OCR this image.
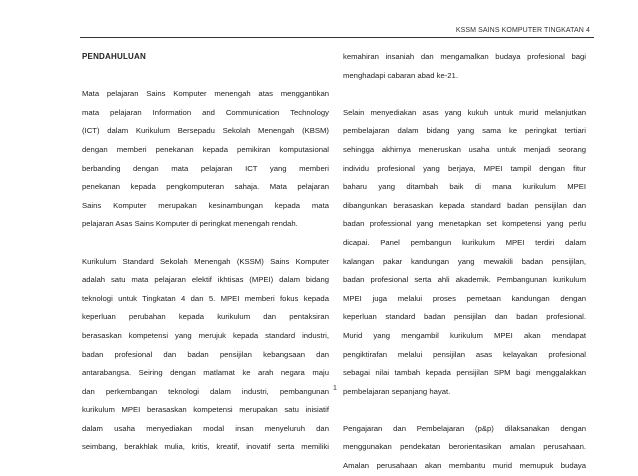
KSSM SAINS KOMPUTER TINGKATAN 4
PENDAHULUAN

Mata pelajaran Sains Komputer menengah atas menggantikan
mata pelajaran Information and Communication Technology
(ICT) dalam Kurikulum Bersepadu Sekolah Menengah (KBSM)
dengan memberi penekanan kepada pemikiran komputasional
berbanding dengan mata pelajaran ICT yang memberi
penekanan kepada pengkomputeran sahaja. Mata pelajaran
Sains Komputer merupakan kesinambungan kepada mata
pelajaran Asas Sains Komputer di peringkat menengah rendah.

Kurikulum Standard Sekolah Menengah (KSSM) Sains Komputer
adalah satu mata pelajaran elektif ikhtisas (MPEI) dalam bidang
teknologi untuk Tingkatan 4 dan 5. MPEI memberi fokus kepada
keperluan perubahan kepada kurikulum dan pentaksiran
berasaskan kompetensi yang merujuk kepada standard industri,
badan profesional dan badan pensijilan kebangsaan dan
antarabangsa. Seiring dengan matlamat ke arah negara maju
dan perkembangan teknologi dalam industri, pembangunan
kurikulum MPEI berasaskan kompetensi merupakan satu inisiatif
dalam usaha menyediakan modal insan menyeluruh dan
seimbang, berakhlak mulia, kritis, kreatif, inovatif serta memiliki

kemahiran insaniah dan mengamalkan budaya profesional bagi
menghadapi cabaran abad ke-21.

Selain menyediakan asas yang kukuh untuk murid melanjutkan
pembelajaran dalam bidang yang sama ke peringkat tertiari
sehingga akhirnya meneruskan usaha untuk menjadi seorang
individu profesional yang berjaya, MPEI tampil dengan fitur
baharu yang ditambah baik di mana kurikulum MPEI
dibangunkan berasaskan kepada standard badan pensijilan dan
badan professional yang menetapkan set kompetensi yang perlu
dicapai. Panel pembangun kurikulum MPEI terdiri dalam
kalangan pakar kandungan yang mewakili badan pensijilan,
badan profesional serta ahli akademik. Pembangunan kurikulum
MPEI juga melalui proses pemetaan kandungan dengan
keperluan standard badan pensijilan dan badan profesional.
Murid yang mengambil kurikulum MPEI akan mendapat
pengiktirafan melalui pensijilan asas kelayakan profesional
sebagai nilai tambah kepada pensijilan SPM bagi menggalakkan
pembelajaran sepanjang hayat.

Pengajaran dan Pembelajaran (p&p) dilaksanakan dengan
menggunakan pendekatan berorientasikan amalan perusahaan.
Amalan perusahaan akan membantu murid memupuk budaya

1
